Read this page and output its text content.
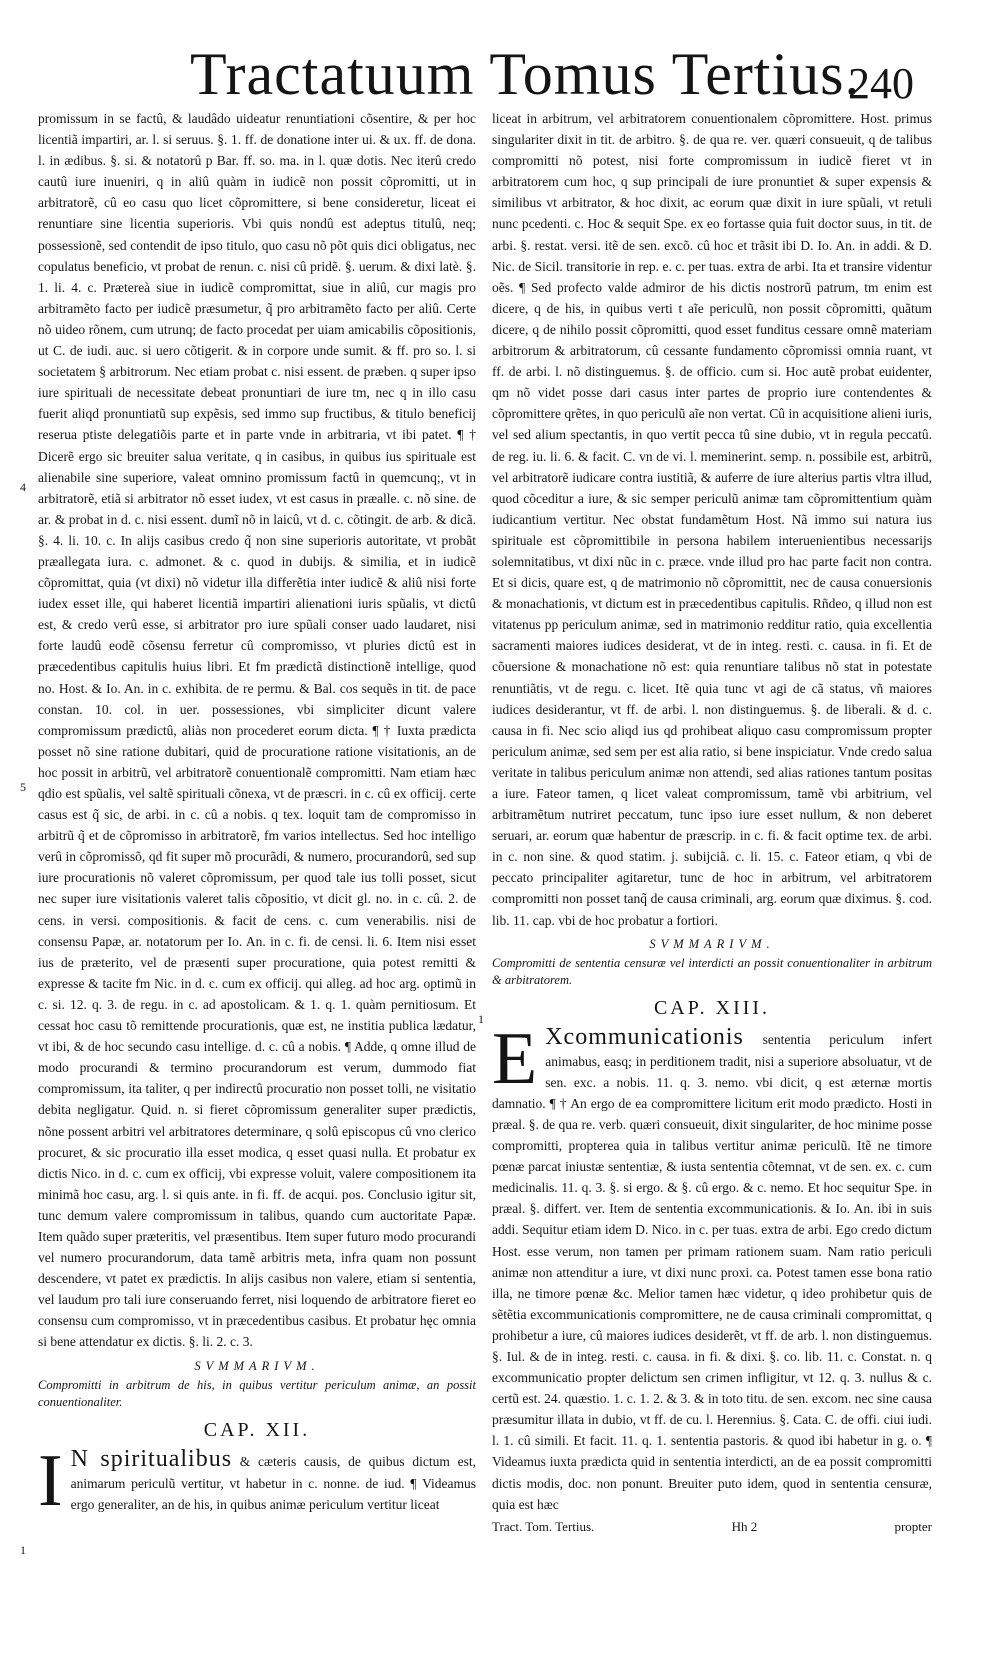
Tractatuum Tomus Tertius.
240

promissum in se factû, & laudâdo uideatur renuntiationi cõsentire, & per hoc licentiã impartiri, ar. l. si seruus. §. 1. ff. de donatione inter ui. & ux. ff. de dona. l. in ædibus. §. si. & notatorû p Bar. ff. so. ma. in l. quæ dotis. Nec iterû credo cautû iure inueniri, q in aliû quàm in iudicẽ non possit cõpromitti, ut in arbitratorẽ, cû eo casu quo licet cõpromittere, si bene consideretur, liceat ei renuntiare sine licentia superioris. Vbi quis nondû est adeptus titulû, neq; possessionẽ, sed contendit de ipso titulo, quo casu nõ põt quis dici obligatus, nec copulatus beneficio, vt probat de renun. c. nisi cû pridẽ. §. uerum. & dixi latè. §. 1. li. 4. c. Prætereà siue in iudicẽ compromittat, siue in aliû, cur magis pro arbitramẽto facto per iudicẽ præsumetur, q̃ pro arbitramẽto facto per aliû. Certe nõ uideo rõnem, cum utrunq; de facto procedat per uiam amicabilis cõpositionis, ut C. de iudi. auc. si uero cõtigerit. & in corpore unde sumit. & ff. pro so. l. si societatem § arbitrorum. Nec etiam probat c. nisi essent. de præben. q super ipso iure spirituali de necessitate debeat pronuntiari de iure tm, nec q in illo casu fuerit aliqd pronuntiatũ sup expẽsis, sed immo sup fructibus, & titulo beneficij reserua ptiste delegatiõis parte et in parte vnde in arbitraria, vt ibi patet. ¶ † Dicerẽ ergo sic breuiter salua veritate, q in casibus, in quibus ius spirituale est alienabile sine superiore, valeat omnino promissum factû in quemcunq;, vt in arbitratorẽ, etiã si arbitrator nõ esset iudex, vt est casus in præalle. c. nõ sine. de ar. & probat in d. c. nisi essent. dumĩ nõ in laicû, vt d. c. cõtingit. de arb. & dicã. §. 4. li. 10. c. In alijs casibus credo q̃ non sine superioris autoritate, vt probãt præallegata iura. c. admonet. & c. quod in dubijs. & similia, et in iudicẽ cõpromittat, quia (vt dixi) nõ videtur illa differẽtia inter iudicẽ & aliû nisi forte iudex esset ille, qui haberet licentiã impartiri alienationi iuris spũalis, vt dictû est, & credo verû esse, si arbitrator pro iure spũali conser uado laudaret, nisi forte laudû eodẽ cõsensu ferretur cû compromisso, vt pluries dictû est in præcedentibus capitulis huius libri. Et fm prædictã distinctionẽ intellige, quod no. Host. & Io. An. in c. exhibita. de re permu. & Bal. cos sequẽs in tit. de pace constan. 10. col. in uer. possessiones, vbi simpliciter dicunt valere compromissum prædictû, aliàs non procederet eorum dicta. ¶ † Iuxta prædicta posset nõ sine ratione dubitari, quid de procuratione ratione visitationis, an de hoc possit in arbitrũ, vel arbitratorẽ conuentionalẽ compromitti. Nam etiam hæc qdio est spũalis, vel saltẽ spirituali cõnexa, vt de præscri. in c. cû ex officij. certe casus est q̃ sic, de arbi. in c. cû a nobis. q tex. loquit tam de compromisso in arbitrũ q̃ et de cõpromisso in arbitratorẽ, fm varios intellectus. Sed hoc intelligo verû in cõpromissõ, qd fit super mõ procurãdi, & numero, procurandorû, sed sup iure procurationis nõ valeret cõpromissum, per quod tale ius tolli posset, sicut nec super iure visitationis valeret talis cõpositio, vt dicit gl. no. in c. cû. 2. de cens. in versi. compositionis. & facit de cens. c. cum venerabilis. nisi de consensu Papæ, ar. notatorum per Io. An. in c. fi. de censi. li. 6. Item nisi esset ius de præterito, vel de præsenti super procuratione, quia potest remitti & expresse & tacite fm Nic. in d. c. cum ex officij. qui alleg. ad hoc arg. optimũ in c. si. 12. q. 3. de regu. in c. ad apostolicam. & 1. q. 1. quàm pernitiosum. Et cessat hoc casu tõ remittende procurationis, quæ est, ne institia publica lædatur, vt ibi, & de hoc secundo casu intellige. d. c. cû a nobis. ¶ Adde, q omne illud de modo procurandi & termino procurandorum est verum, dummodo fiat compromissum, ita taliter, q per indirectû procuratio non posset tolli, ne visitatio debita negligatur. Quid. n. si fieret cõpromissum generaliter super prædictis, nõne possent arbitri vel arbitratores determinare, q solû episcopus cû vno clerico procuret, & sic procuratio illa esset modica, q esset quasi nulla. Et probatur ex dictis Nico. in d. c. cum ex officij, vbi expresse voluit, valere compositionem ita minimã hoc casu, arg. l. si quis ante. in fi. ff. de acqui. pos. Conclusio igitur sit, tunc demum valere compromissum in talibus, quando cum auctoritate Papæ. Item quãdo super præteritis, vel præsentibus. Item super futuro modo procurandi vel numero procurandorum, data tamẽ arbitris meta, infra quam non possunt descendere, vt patet ex prædictis. In alijs casibus non valere, etiam si sententia, vel laudum pro tali iure conseruando ferret, nisi loquendo de arbitratore fieret eo consensu cum compromisso, vt in præcedentibus casibus. Et probatur hęc omnia si bene attendatur ex dictis. §. li. 2. c. 3.

SVMMARIVM.
Compromitti in arbitrum de his, in quibus vertitur periculum animæ, an possit conuentionaliter.
CAP. XII.
I N spiritualibus & cæteris causis, de quibus dictum est, animarum periculũ vertitur, vt habetur in c. nonne. de iud. ¶ Videamus ergo generaliter, an de his, in quibus animæ periculum vertitur liceat

liceat in arbitrum, vel arbitratorem conuentionalem cõpromittere. Host. primus singulariter dixit in tit. de arbitro. §. de qua re. ver. quæri consueuit, q de talibus compromitti nõ potest, nisi forte compromissum in iudicẽ fieret vt in arbitratorem cum hoc, q sup principali de iure pronuntiet & super expensis & similibus vt arbitrator, & hoc dixit, ac eorum quæ dixit in iure spũali, vt retuli nunc pcedenti. c. Hoc & sequit Spe. ex eo fortasse quia fuit doctor suus, in tit. de arbi. §. restat. versi. itẽ de sen. excõ. cû hoc et trãsit ibi D. Io. An. in addi. & D. Nic. de Sicil. transitorie in rep. e. c. per tuas. extra de arbi. Ita et transire videntur oẽs. ¶ Sed profecto valde admiror de his dictis nostrorũ patrum, tm enim est dicere, q de his, in quibus verti t aĩe periculũ, non possit cõpromitti, quãtum dicere, q de nihilo possit cõpromitti, quod esset funditus cessare omnẽ materiam arbitrorum & arbitratorum, cû cessante fundamento cõpromissi omnia ruant, vt ff. de arbi. l. nõ distinguemus. §. de officio. cum si. Hoc autẽ probat euidenter, qm nõ videt posse dari casus inter partes de proprio iure contendentes & cõpromittere qrẽtes, in quo periculũ aĩe non vertat. Cû in acquisitione alieni iuris, vel sed alium spectantis, in quo vertit pecca tû sine dubio, vt in regula peccatû. de reg. iu. li. 6. & facit. C. vn de vi. l. meminerint. semp. n. possibile est, arbitrũ, vel arbitratorẽ iudicare contra iustitiã, & auferre de iure alterius partis vltra illud, quod cõceditur a iure, & sic semper periculũ animæ tam cõpromittentium quàm iudicantium vertitur. Nec obstat fundamẽtum Host. Nã immo sui natura ius spirituale est cõpromittibile in persona habilem interuenientibus necessarijs solemnitatibus, vt dixi nũc in c. præce. vnde illud pro hac parte facit non contra. Et si dicis, quare est, q de matrimonio nõ cõpromittit, nec de causa conuersionis & monachationis, vt dictum est in præcedentibus capitulis. Rñdeo, q illud non est vitatenus pp periculum animæ, sed in matrimonio redditur ratio, quia excellentia sacramenti maiores iudices desiderat, vt de in integ. resti. c. causa. in fi. Et de cõuersione & monachatione nõ est: quia renuntiare talibus nõ stat in potestate renuntiãtis, vt de regu. c. licet. Itẽ quia tunc vt agi de cã status, vñ maiores iudices desiderantur, vt ff. de arbi. l. non distinguemus. §. de liberali. & d. c. causa in fi. Nec scio aliqd ius qd prohibeat aliquo casu compromissum propter periculum animæ, sed sem per est alia ratio, si bene inspiciatur. Vnde credo salua veritate in talibus periculum animæ non attendi, sed alias rationes tantum positas a iure. Fateor tamen, q licet valeat compromissum, tamẽ vbi arbitrium, vel arbitramẽtum nutriret peccatum, tunc ipso iure esset nullum, & non deberet seruari, ar. eorum quæ habentur de præscrip. in c. fi. & facit optime tex. de arbi. in c. non sine. & quod statim. j. subijciã. c. li. 15. c. Fateor etiam, q vbi de peccato principaliter agitaretur, tunc de hoc in arbitrum, vel arbitratorem compromitti non posset tanq̃ de causa criminali, arg. eorum quæ diximus. §. cod. lib. 11. cap. vbi de hoc probatur a fortiori.

SVMMARIVM.
Compromitti de sententia censuræ vel interdicti an possit conuentionaliter in arbitrum & arbitratorem.
CAP. XIII.
E Xcommunicationis sententia periculum infert animabus, easq; in perditionem tradit, nisi a superiore absoluatur, vt de sen. exc. a nobis. 11. q. 3. nemo. vbi dicit, q est æternæ mortis damnatio. ¶ † An ergo de ea compromittere licitum erit modo prædicto. Hosti in præal. §. de qua re. verb. quæri consueuit, dixit singulariter, de hoc minime posse compromitti, propterea quia in talibus vertitur animæ periculũ. Itẽ ne timore pœnæ parcat iniustæ sententiæ, & iusta sententia cõtemnat, vt de sen. ex. c. cum medicinalis. 11. q. 3. §. si ergo. & §. cû ergo. & c. nemo. Et hoc sequitur Spe. in præal. §. differt. ver. Item de sententia excommunicationis. & Io. An. ibi in suis addi. Sequitur etiam idem D. Nico. in c. per tuas. extra de arbi. Ego credo dictum Host. esse verum, non tamen per primam rationem suam. Nam ratio periculi animæ non attenditur a iure, vt dixi nunc proxi. ca. Potest tamen esse bona ratio illa, ne timore pœnæ &c. Melior tamen hæc videtur, q ideo prohibetur quis de sẽtẽtia excommunicationis compromittere, ne de causa criminali compromittat, q prohibetur a iure, cû maiores iudices desiderẽt, vt ff. de arb. l. non distinguemus. §. Iul. & de in integ. resti. c. causa. in fi. & dixi. §. co. lib. 11. c. Constat. n. q excommunicatio propter delictum sen crimen infligitur, vt 12. q. 3. nullus & c. certũ est. 24. quæstio. 1. c. 1. 2. & 3. & in toto titu. de sen. excom. nec sine causa præsumitur illata in dubio, vt ff. de cu. l. Herennius. §. Cata. C. de offi. ciui iudi. l. 1. cû simili. Et facit. 11. q. 1. sententia pastoris. & quod ibi habetur in g. o. ¶ Videamus iuxta prædicta quid in sententia interdicti, an de ea possit compromitti dictis modis, doc. non ponunt. Breuiter puto idem, quod in sententia censuræ, quia est hæc
Tract. Tom. Tertius.	Hh 2	propter
4
5
1
1
